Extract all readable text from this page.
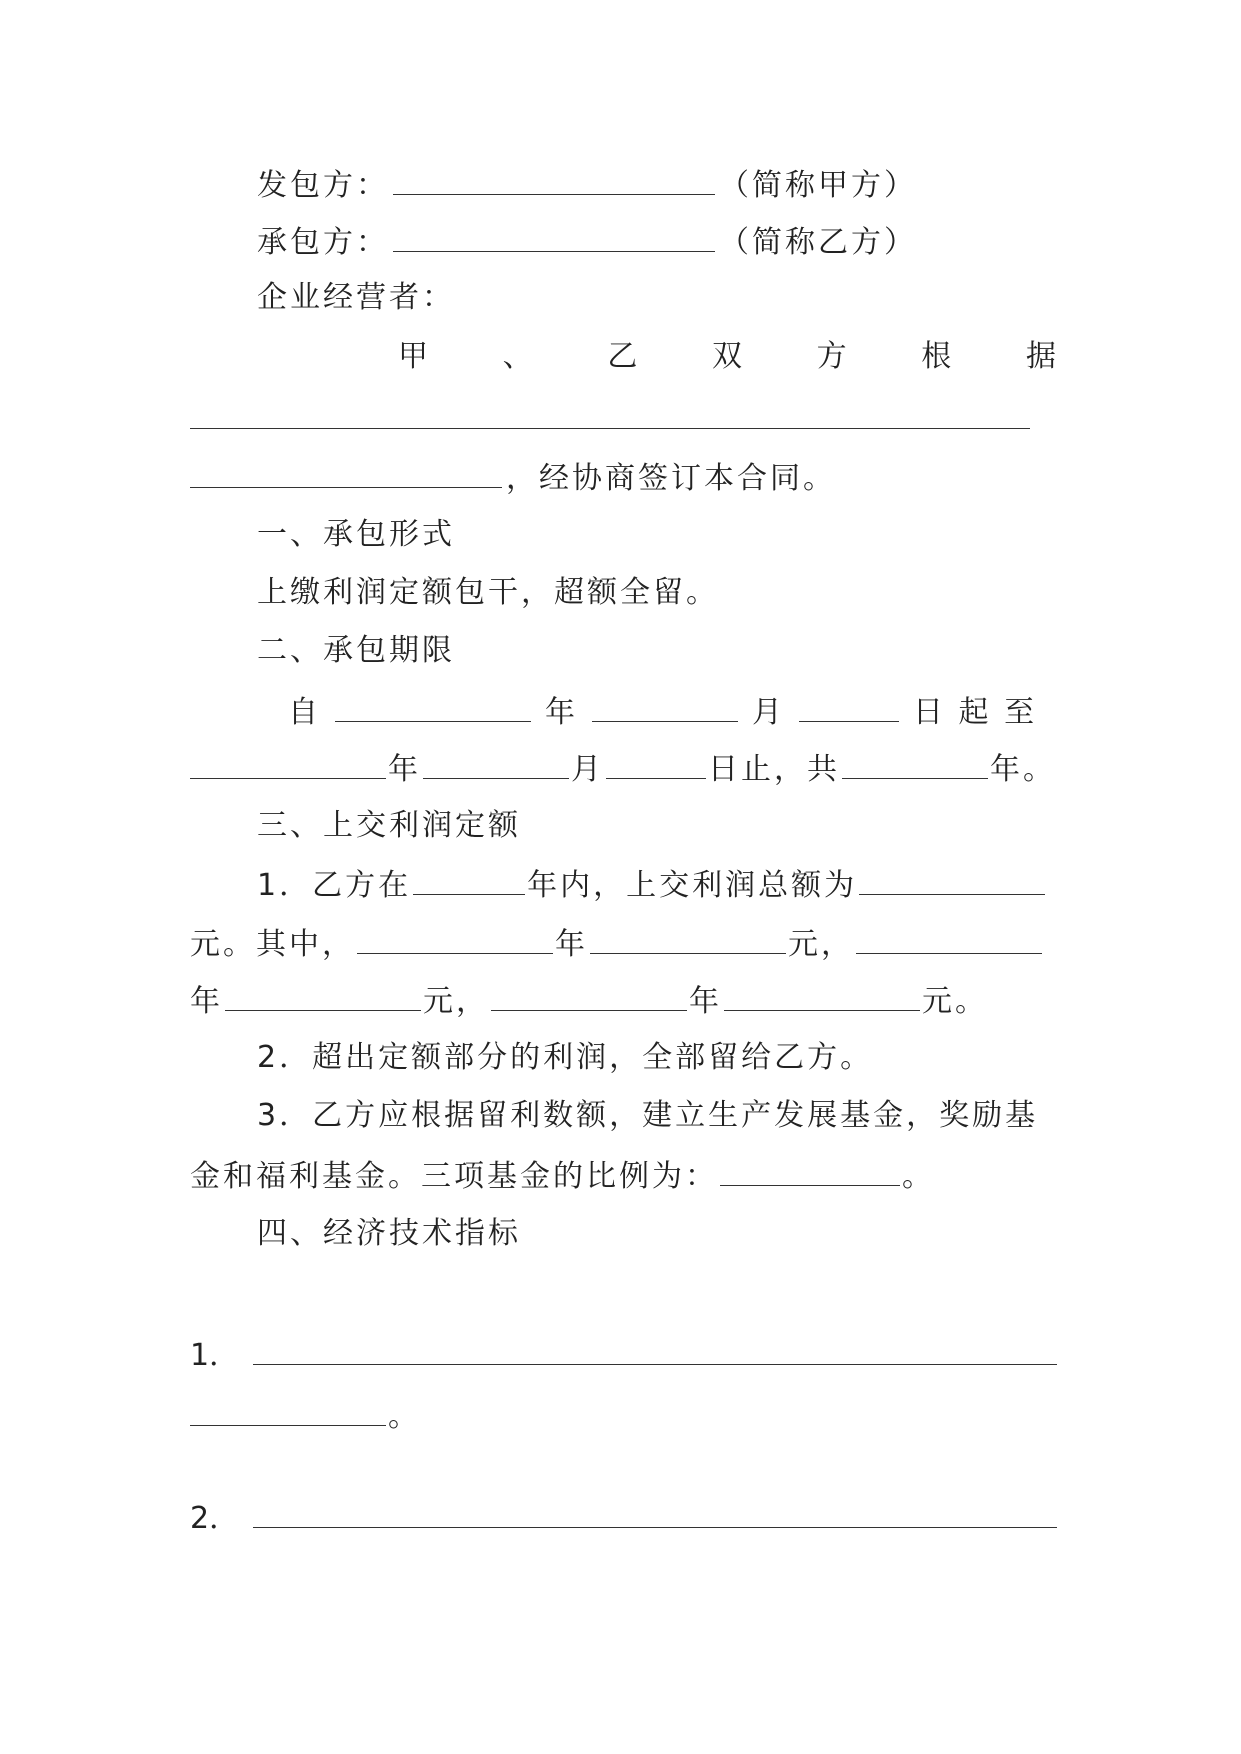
发包方：	（简称甲方）
承包方：	（简称乙方）
企业经营者：
甲 、 乙 双 方 根 据
，经协商签订本合同。
一、承包形式
上缴利润定额包干，超额全留。
二、承包期限
自	年	月	日 起 至
年	月	日止，共	年。
三、上交利润定额
1．乙方在	年内，上交利润总额为
元。其中，	年	元，
年	元，	年	元。
2．超出定额部分的利润，全部留给乙方。
3．乙方应根据留利数额，建立生产发展基金，奖励基
金和福利基金。三项基金的比例为：	。
四、经济技术指标
1．
。
2．
